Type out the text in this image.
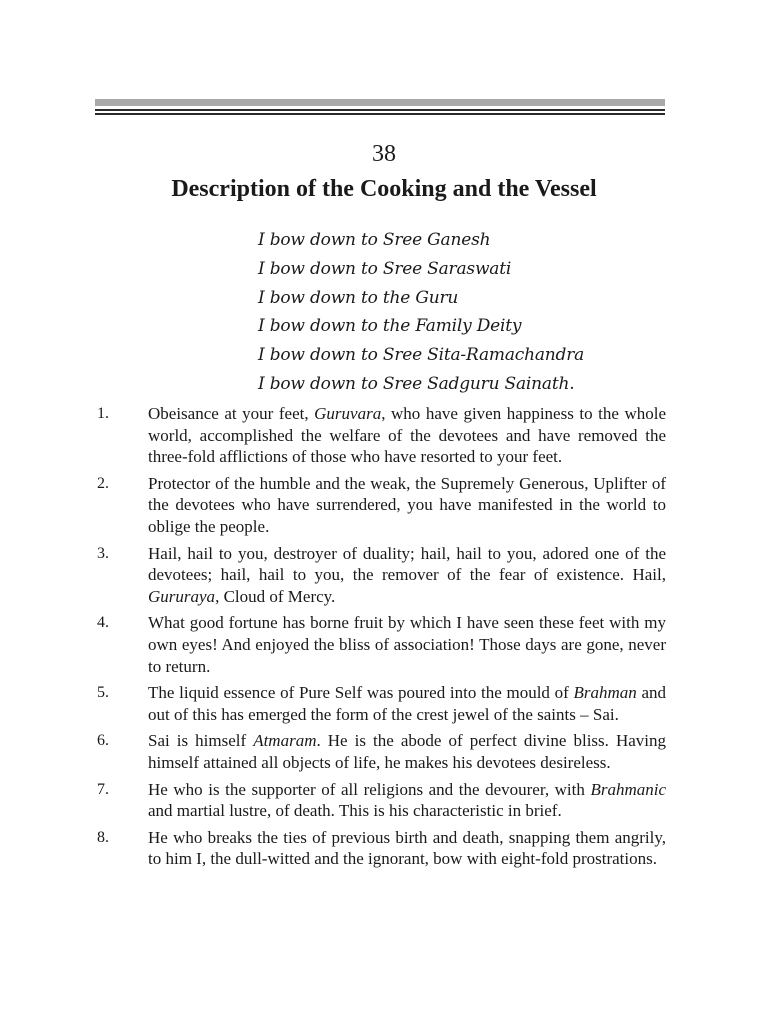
38
Description of the Cooking and the Vessel
I bow down to Sree Ganesh
I bow down to Sree Saraswati
I bow down to the Guru
I bow down to the Family Deity
I bow down to Sree Sita-Ramachandra
I bow down to Sree Sadguru Sainath.
1.	Obeisance at your feet, Guruvara, who have given happiness to the whole world, accomplished the welfare of the devotees and have removed the three-fold afflictions of those who have resorted to your feet.
2.	Protector of the humble and the weak, the Supremely Generous, Uplifter of the devotees who have surrendered, you have manifested in the world to oblige the people.
3.	Hail, hail to you, destroyer of duality; hail, hail to you, adored one of the devotees; hail, hail to you, the remover of the fear of existence. Hail, Gururaya, Cloud of Mercy.
4.	What good fortune has borne fruit by which I have seen these feet with my own eyes! And enjoyed the bliss of association! Those days are gone, never to return.
5.	The liquid essence of Pure Self was poured into the mould of Brahman and out of this has emerged the form of the crest jewel of the saints – Sai.
6.	Sai is himself Atmaram. He is the abode of perfect divine bliss. Having himself attained all objects of life, he makes his devotees desireless.
7.	He who is the supporter of all religions and the devourer, with Brahmanic and martial lustre, of death. This is his characteristic in brief.
8.	He who breaks the ties of previous birth and death, snapping them angrily, to him I, the dull-witted and the ignorant, bow with eight-fold prostrations.
